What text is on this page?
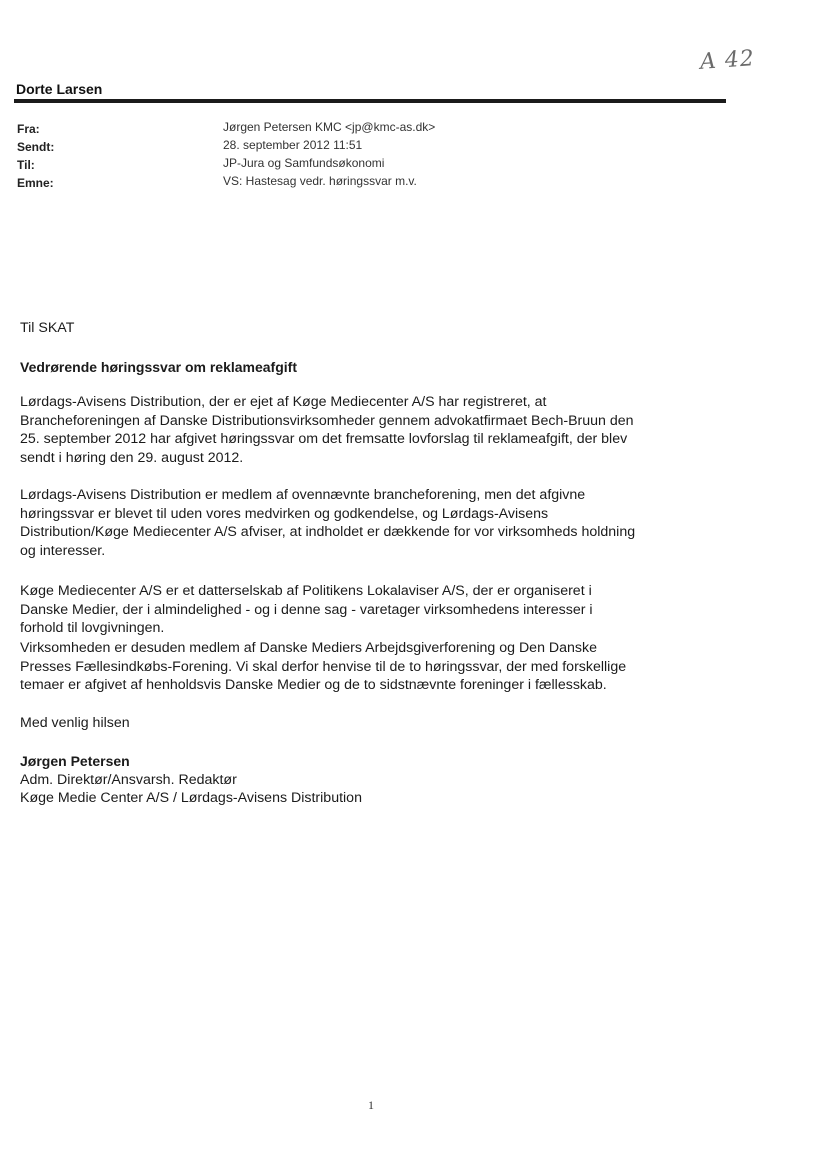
A 42
Dorte Larsen
Fra:	Jørgen Petersen KMC <jp@kmc-as.dk>
Sendt:	28. september 2012 11:51
Til:	JP-Jura og Samfundsøkonomi
Emne:	VS: Hastesag vedr. høringssvar m.v.
Til SKAT
Vedrørende høringssvar om reklameafgift

Lørdags-Avisens Distribution, der er ejet af Køge Mediecenter A/S har registreret, at

Brancheforeningen af Danske Distributionsvirksomheder gennem advokatfirmaet Bech-Bruun den

25. september 2012 har afgivet høringssvar om det fremsatte lovforslag til reklameafgift, der blev

sendt i høring den 29. august 2012.

Lørdags-Avisens Distribution er medlem af ovennævnte brancheforening, men det afgivne

høringssvar er blevet til uden vores medvirken og godkendelse, og Lørdags-Avisens

Distribution/Køge Mediecenter A/S afviser, at indholdet er dækkende for vor virksomheds holdning

og interesser.

Køge Mediecenter A/S er et datterselskab af Politikens Lokalaviser A/S, der er organiseret i

Danske Medier, der i almindelighed - og i denne sag - varetager virksomhedens interesser i

forhold til lovgivningen.

Virksomheden er desuden medlem af Danske Mediers Arbejdsgiverforening og Den Danske

Presses Fællesindkøbs-Forening. Vi skal derfor henvise til de to høringssvar, der med forskellige

temaer er afgivet af henholdsvis Danske Medier og de to sidstnævnte foreninger i fællesskab.

Med venlig hilsen

Jørgen Petersen

Adm. Direktør/Ansvarsh. Redaktør

Køge Medie Center A/S / Lørdags-Avisens Distribution

1
